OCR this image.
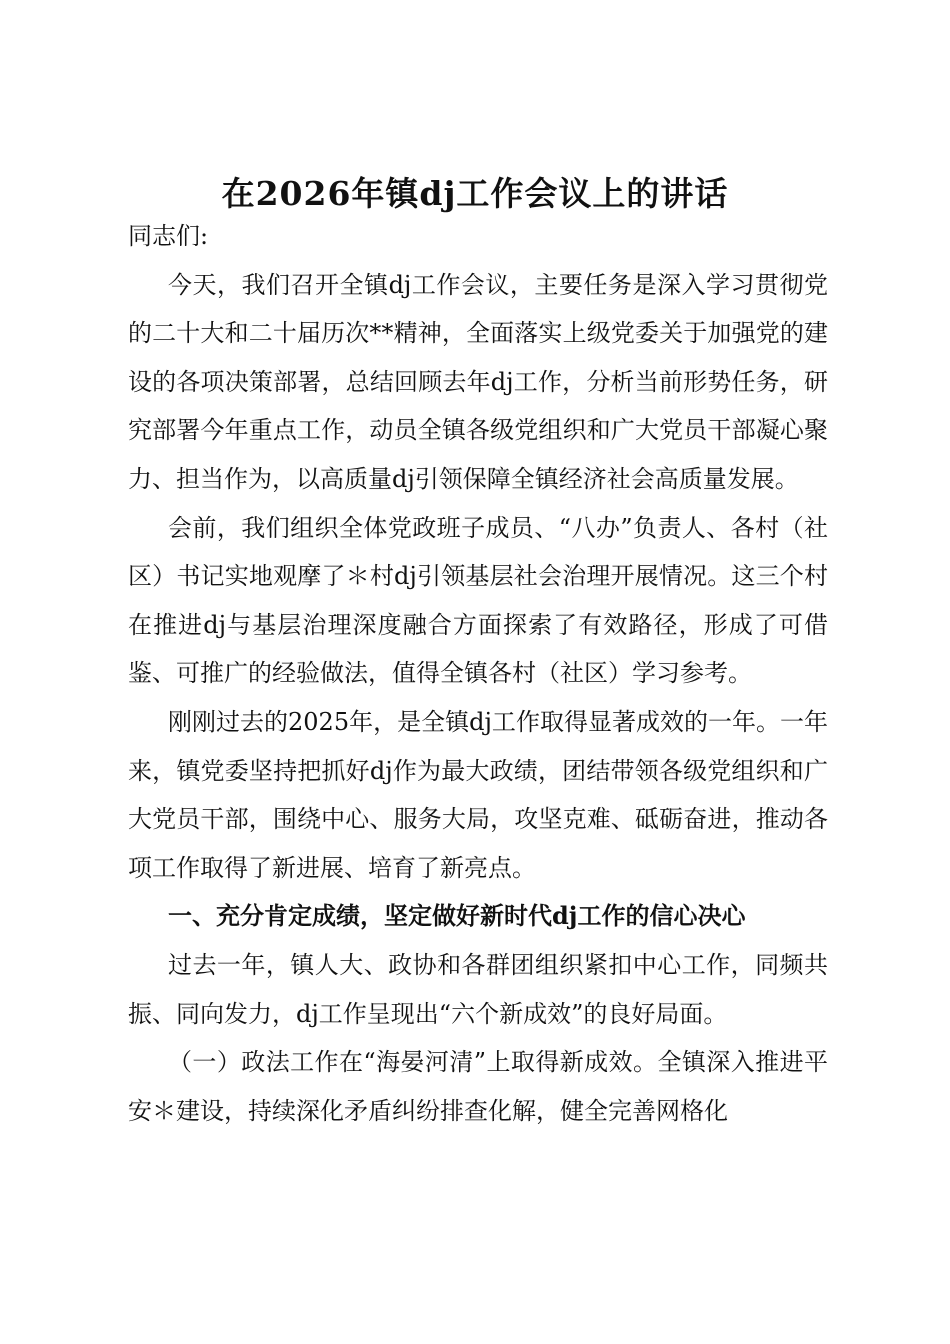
在2026年镇dj工作会议上的讲话

同志们:

今天，我们召开全镇dj工作会议，主要任务是深入学习贯彻党的二十大和二十届历次**精神，全面落实上级党委关于加强党的建设的各项决策部署，总结回顾去年dj工作，分析当前形势任务，研究部署今年重点工作，动员全镇各级党组织和广大党员干部凝心聚力、担当作为，以高质量dj引领保障全镇经济社会高质量发展。

会前，我们组织全体党政班子成员、“八办”负责人、各村（社区）书记实地观摩了＊村dj引领基层社会治理开展情况。这三个村在推进dj与基层治理深度融合方面探索了有效路径，形成了可借鉴、可推广的经验做法，值得全镇各村（社区）学习参考。

刚刚过去的2025年，是全镇dj工作取得显著成效的一年。一年来，镇党委坚持把抓好dj作为最大政绩，团结带领各级党组织和广大党员干部，围绕中心、服务大局，攻坚克难、砥砺奋进，推动各项工作取得了新进展、培育了新亮点。

一、充分肯定成绩，坚定做好新时代dj工作的信心决心

过去一年，镇人大、政协和各群团组织紧扣中心工作，同频共振、同向发力，dj工作呈现出“六个新成效”的良好局面。

（一）政法工作在“海晏河清”上取得新成效。全镇深入推进平安＊建设，持续深化矛盾纠纷排查化解，健全完善网格化
